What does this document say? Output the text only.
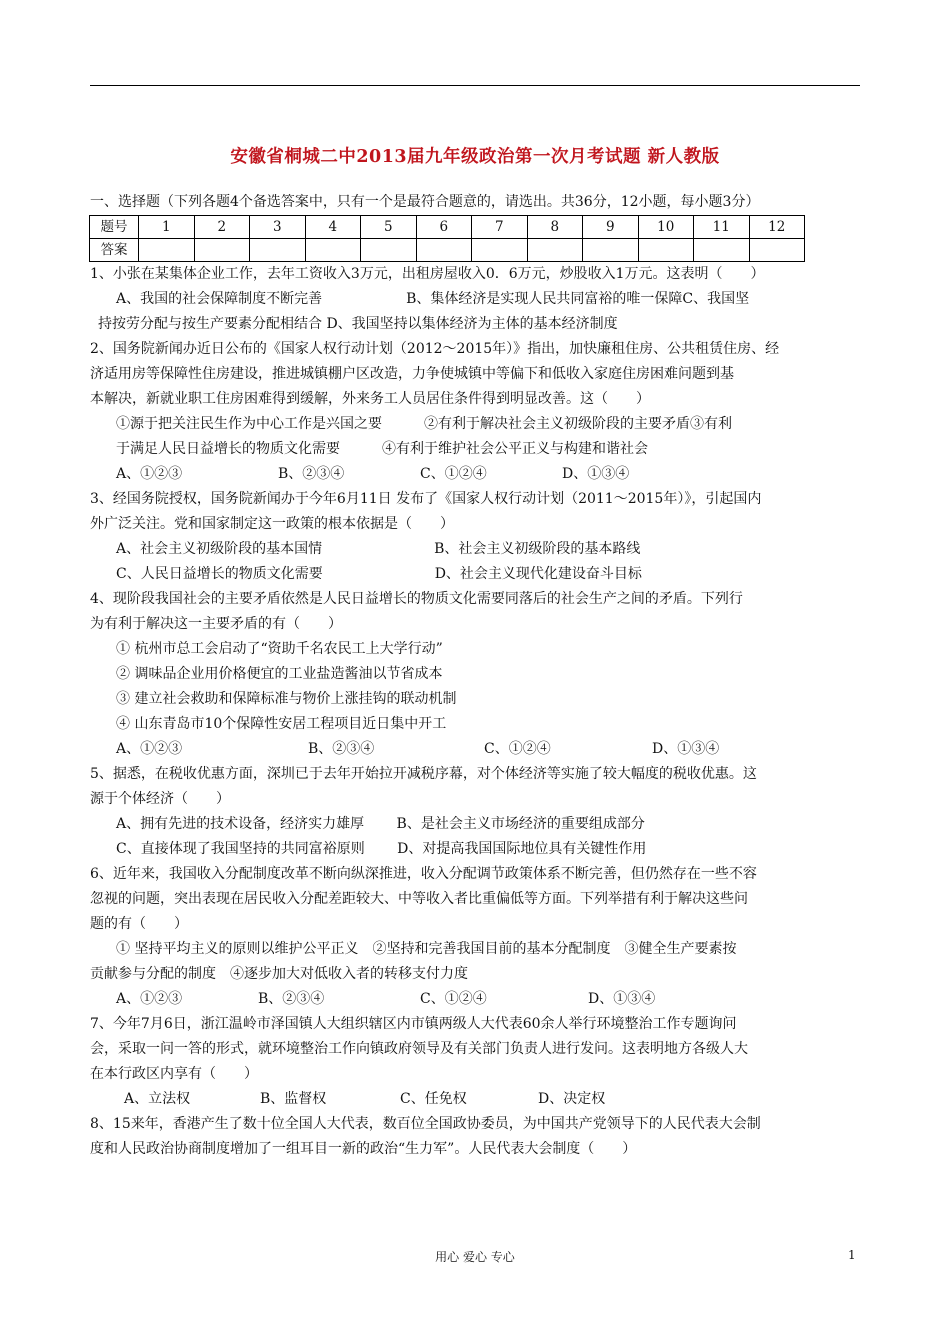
安徽省桐城二中2013届九年级政治第一次月考试题 新人教版
一、选择题（下列各题4个备选答案中，只有一个是最符合题意的，请选出。共36分，12小题，每小题3分）
题号	1	2	3	4	5	6	7	8	9	10	11	12
答案												
1、小张在某集体企业工作，去年工资收入3万元，出租房屋收入0．6万元，炒股收入1万元。这表明（　　）
A、我国的社会保障制度不断完善　　　　　　B、集体经济是实现人民共同富裕的唯一保障C、我国坚
持按劳分配与按生产要素分配相结合 D、我国坚持以集体经济为主体的基本经济制度
2、国务院新闻办近日公布的《国家人权行动计划（2012～2015年）》指出，加快廉租住房、公共租赁住房、经
济适用房等保障性住房建设，推进城镇棚户区改造，力争使城镇中等偏下和低收入家庭住房困难问题到基
本解决，新就业职工住房困难得到缓解，外来务工人员居住条件得到明显改善。这（　　）
①源于把关注民生作为中心工作是兴国之要　　　②有利于解决社会主义初级阶段的主要矛盾③有利
于满足人民日益增长的物质文化需要　　　④有利于维护社会公平正义与构建和谐社会
A、①②③	B、②③④	C、①②④	D、①③④
3、经国务院授权，国务院新闻办于今年6月11日 发布了《国家人权行动计划（2011～2015年）》，引起国内
外广泛关注。党和国家制定这一政策的根本依据是（　　）
A、社会主义初级阶段的基本国情　　　　　　　　B、社会主义初级阶段的基本路线
C、人民日益增长的物质文化需要　　　　　　　　D、社会主义现代化建设奋斗目标
4、现阶段我国社会的主要矛盾依然是人民日益增长的物质文化需要同落后的社会生产之间的矛盾。下列行
为有利于解决这一主要矛盾的有（　　）
① 杭州市总工会启动了“资助千名农民工上大学行动”
② 调味品企业用价格便宜的工业盐造酱油以节省成本
③ 建立社会救助和保障标准与物价上涨挂钩的联动机制
④ 山东青岛市10个保障性安居工程项目近日集中开工
A、①②③	B、②③④	C、①②④	D、①③④
5、据悉，在税收优惠方面，深圳已于去年开始拉开减税序幕，对个体经济等实施了较大幅度的税收优惠。这
源于个体经济（　　）
A、拥有先进的技术设备，经济实力雄厚　　 B、是社会主义市场经济的重要组成部分
C、直接体现了我国坚持的共同富裕原则　　 D、对提高我国国际地位具有关键性作用
6、近年来，我国收入分配制度改革不断向纵深推进，收入分配调节政策体系不断完善，但仍然存在一些不容
忽视的问题，突出表现在居民收入分配差距较大、中等收入者比重偏低等方面。下列举措有利于解决这些问
题的有（　　）
① 坚持平均主义的原则以维护公平正义　②坚持和完善我国目前的基本分配制度　③健全生产要素按
贡献参与分配的制度　④逐步加大对低收入者的转移支付力度
A、①②③	B、②③④	C、①②④	D、①③④
7、今年7月6日，浙江温岭市泽国镇人大组织辖区内市镇两级人大代表60余人举行环境整治工作专题询问
会，采取一问一答的形式，就环境整治工作向镇政府领导及有关部门负责人进行发问。这表明地方各级人大
在本行政区内享有（　　）
A、立法权	B、监督权	C、任免权	D、决定权
8、15来年，香港产生了数十位全国人大代表，数百位全国政协委员，为中国共产党领导下的人民代表大会制
度和人民政治协商制度增加了一组耳目一新的政治“生力军”。人民代表大会制度（　　）
用心 爱心 专心	1
